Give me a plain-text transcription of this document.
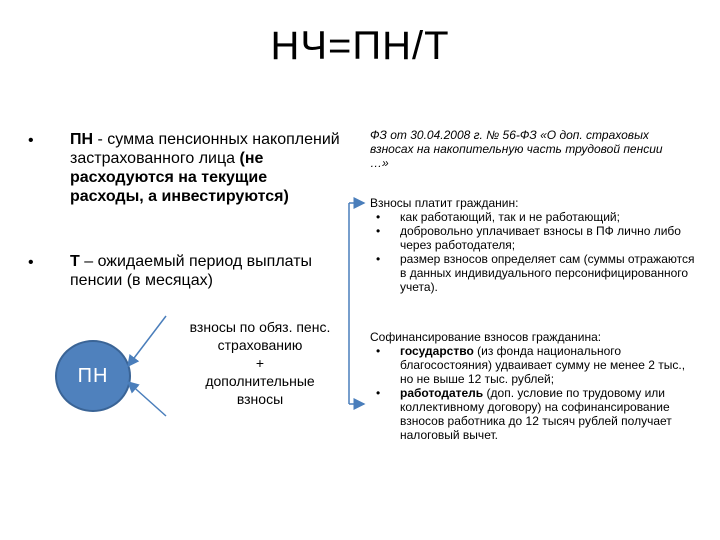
НЧ=ПН/Т
• ПН - сумма пенсионных накоплений застрахованного лица (не расходуются на текущие расходы, а инвестируются)
• Т – ожидаемый период выплаты пенсии (в месяцах)
ПН
взносы по обяз. пенс.
страхованию
+
дополнительные
взносы
ФЗ от 30.04.2008 г. № 56-ФЗ «О доп. страховых взносах на накопительную часть трудовой пенсии …»
Взносы платит гражданин:
• как работающий, так и не работающий;
• добровольно уплачивает взносы в ПФ лично либо через работодателя;
• размер взносов определяет сам (суммы отражаются в данных индивидуального персонифицированного учета).
Софинансирование взносов гражданина:
• государство (из фонда национального благосостояния) удваивает сумму не менее 2 тыс., но не выше 12 тыс. рублей;
• работодатель (доп. условие по трудовому или коллективному договору) на софинансирование взносов работника до 12 тысяч рублей получает налоговый вычет.
